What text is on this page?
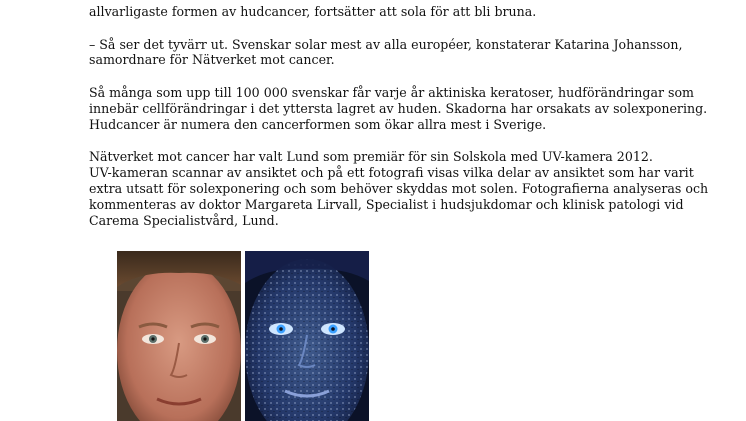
allvarligaste formen av hudcancer, fortsätter att sola för att bli bruna.

– Så ser det tyvärr ut. Svenskar solar mest av alla européer, konstaterar Katarina Johansson,

samordnare för Nätverket mot cancer.

Så många som upp till 100 000 svenskar får varje år aktiniska keratoser, hudförändringar som

innebär cellförändringar i det yttersta lagret av huden. Skadorna har orsakats av solexponering.

Hudcancer är numera den cancerformen som ökar allra mest i Sverige.

Nätverket mot cancer har valt Lund som premiär för sin Solskola med UV-kamera 2012.

UV-kameran scannar av ansiktet och på ett fotografi visas vilka delar av ansiktet som har varit

extra utsatt för solexponering och som behöver skyddas mot solen. Fotografierna analyseras och

kommenteras av doktor Margareta Lirvall, Specialist i hudsjukdomar och klinisk patologi vid

Carema Specialistvård, Lund.
